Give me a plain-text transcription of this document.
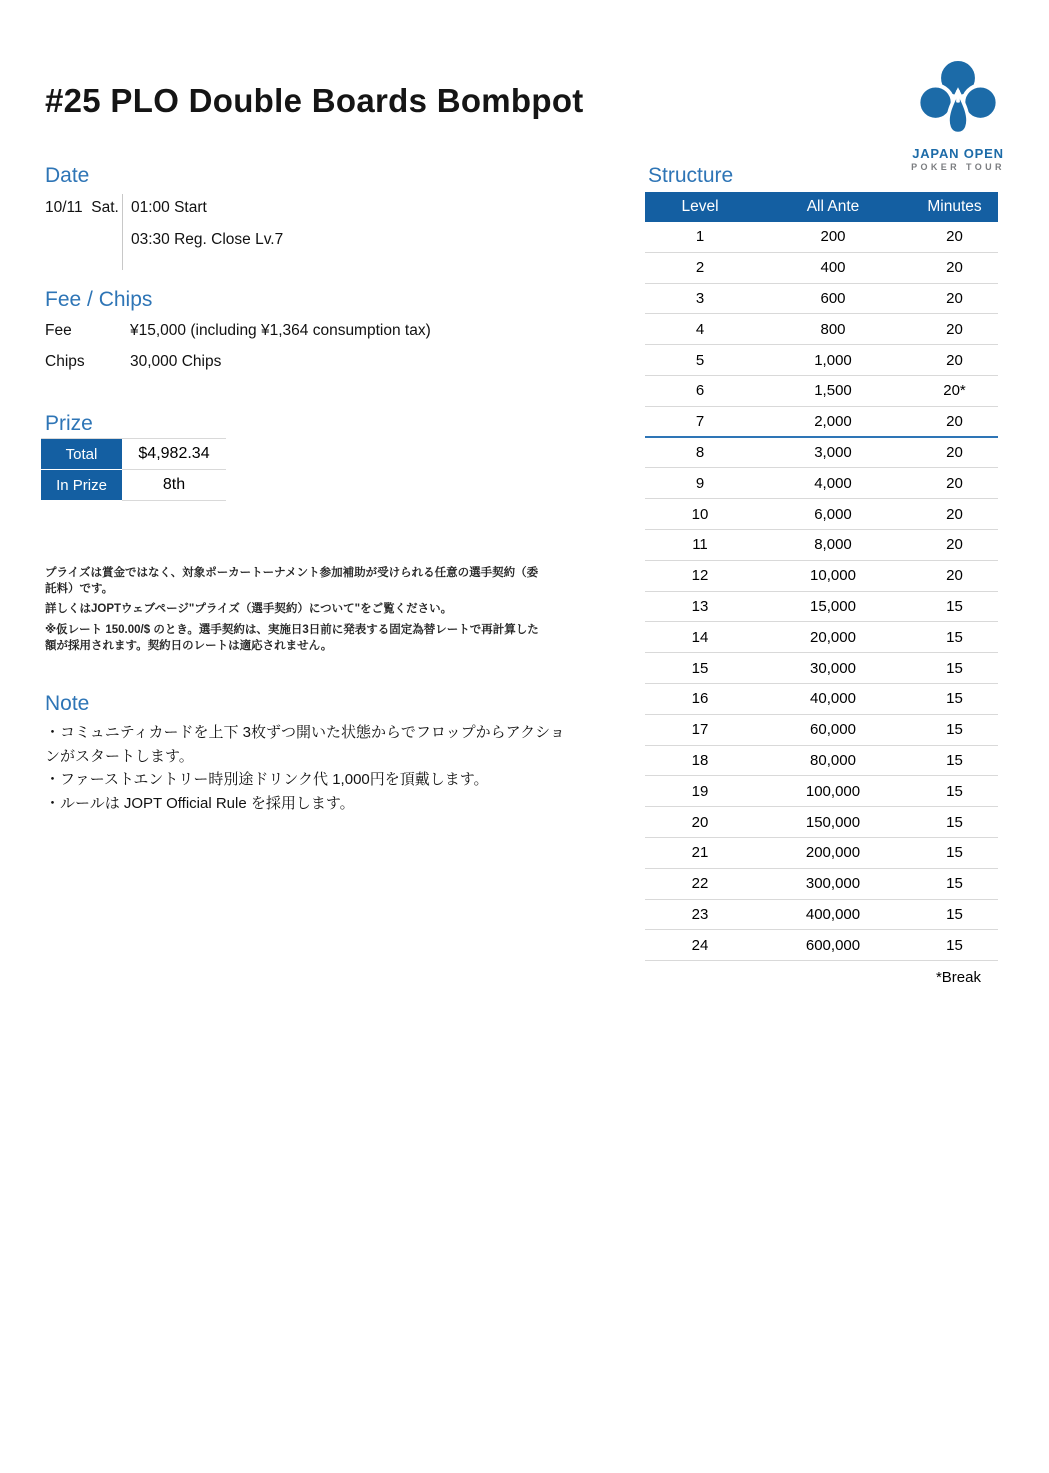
#25 PLO Double Boards Bombpot
JAPAN OPEN
POKER TOUR
Date
10/11  Sat. 01:00 Start
03:30 Reg. Close Lv.7
Fee / Chips
Fee	¥15,000 (including ¥1,364 consumption tax)
Chips	30,000 Chips
Prize
Total	$4,982.34
In Prize	8th
プライズは賞金ではなく、対象ポーカートーナメント参加補助が受けられる任意の選手契約（委
託料）です。
詳しくはJOPTウェブページ"プライズ（選手契約）について"をご覧ください。
※仮レート 150.00/$ のとき。選手契約は、実施日3日前に発表する固定為替レートで再計算した
額が採用されます。契約日のレートは適応されません。
Note
・コミュニティカードを上下 3枚ずつ開いた状態からでフロップからアクショ
ンがスタートします。
・ファーストエントリー時別途ドリンク代 1,000円を頂戴します。
・ルールは JOPT Official Rule を採用します。
Structure
Level	All Ante	Minutes
1	200	20
2	400	20
3	600	20
4	800	20
5	1,000	20
6	1,500	20*
7	2,000	20
8	3,000	20
9	4,000	20
10	6,000	20
11	8,000	20
12	10,000	20
13	15,000	15
14	20,000	15
15	30,000	15
16	40,000	15
17	60,000	15
18	80,000	15
19	100,000	15
20	150,000	15
21	200,000	15
22	300,000	15
23	400,000	15
24	600,000	15
*Break
